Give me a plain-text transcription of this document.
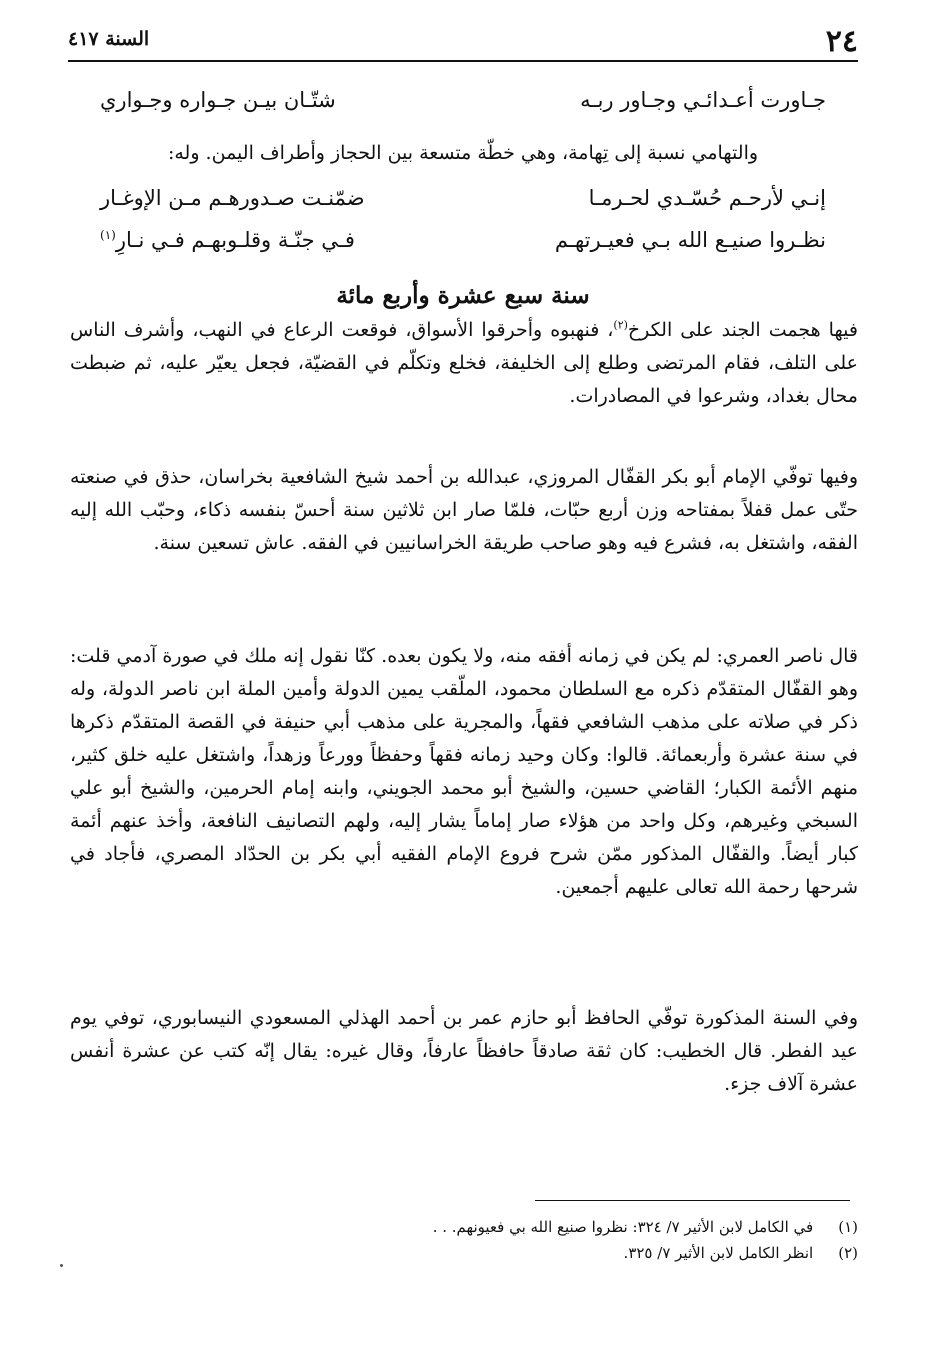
٢٤
السنة ٤١٧
جـاورت أعـدائـي وجـاور ربـه
شتّـان بيـن جـواره وجـواري
والتهامي نسبة إلى تِهامة، وهي خطّة متسعة بين الحجاز وأطراف اليمن. وله:
إنـي لأرحـم حُسّـدي لحـرمـا
ضمّنـت صـدورهـم مـن الإوغـار
نظـروا صنيـع الله بـي فعيـرتهـم
فـي جنّـة وقلـوبهـم فـي نـارِ$^{(١)}$
سنة سبع عشرة وأربع مائة

فيها هجمت الجند على الكرخ$^{(٢)}$، فنهبوه وأحرقوا الأسواق، فوقعت الرعاع في النهب، وأشرف الناس على التلف، فقام المرتضى وطلع إلى الخليفة، فخلع وتكلّم في القضيّة، فجعل يعيّر عليه، ثم ضبطت محال بغداد، وشرعوا في المصادرات.

وفيها توفّي الإمام أبو بكر القفّال المروزي، عبدالله بن أحمد شيخ الشافعية بخراسان، حذق في صنعته حتّى عمل قفلاً بمفتاحه وزن أربع حبّات، فلمّا صار ابن ثلاثين سنة أحسّ بنفسه ذكاء، وحبّب الله إليه الفقه، واشتغل به، فشرع فيه وهو صاحب طريقة الخراسانيين في الفقه. عاش تسعين سنة.

قال ناصر العمري: لم يكن في زمانه أفقه منه، ولا يكون بعده. كنّا نقول إنه ملك في صورة آدمي قلت: وهو القفّال المتقدّم ذكره مع السلطان محمود، الملّقب يمين الدولة وأمين الملة ابن ناصر الدولة، وله ذكر في صلاته على مذهب الشافعي فقهاً، والمجرية على مذهب أبي حنيفة في القصة المتقدّم ذكرها في سنة عشرة وأربعمائة. قالوا: وكان وحيد زمانه فقهاً وحفظاً وورعاً وزهداً، واشتغل عليه خلق كثير، منهم الأئمة الكبار؛ القاضي حسين، والشيخ أبو محمد الجويني، وابنه إمام الحرمين، والشيخ أبو علي السبخي وغيرهم، وكل واحد من هؤلاء صار إماماً يشار إليه، ولهم التصانيف النافعة، وأخذ عنهم أئمة كبار أيضاً. والقفّال المذكور ممّن شرح فروع الإمام الفقيه أبي بكر بن الحدّاد المصري، فأجاد في شرحها رحمة الله تعالى عليهم أجمعين.

وفي السنة المذكورة توفّي الحافظ أبو حازم عمر بن أحمد الهذلي المسعودي النيسابوري، توفي يوم عيد الفطر. قال الخطيب: كان ثقة صادقاً حافظاً عارفاً، وقال غيره: يقال إنّه كتب عن عشرة أنفس عشرة آلاف جزء.

(١) في الكامل لابن الأثير ٧/ ٣٢٤: نظروا صنيع الله بي فعيونهم. . .
(٢) انظر الكامل لابن الأثير ٧/ ٣٢٥.
